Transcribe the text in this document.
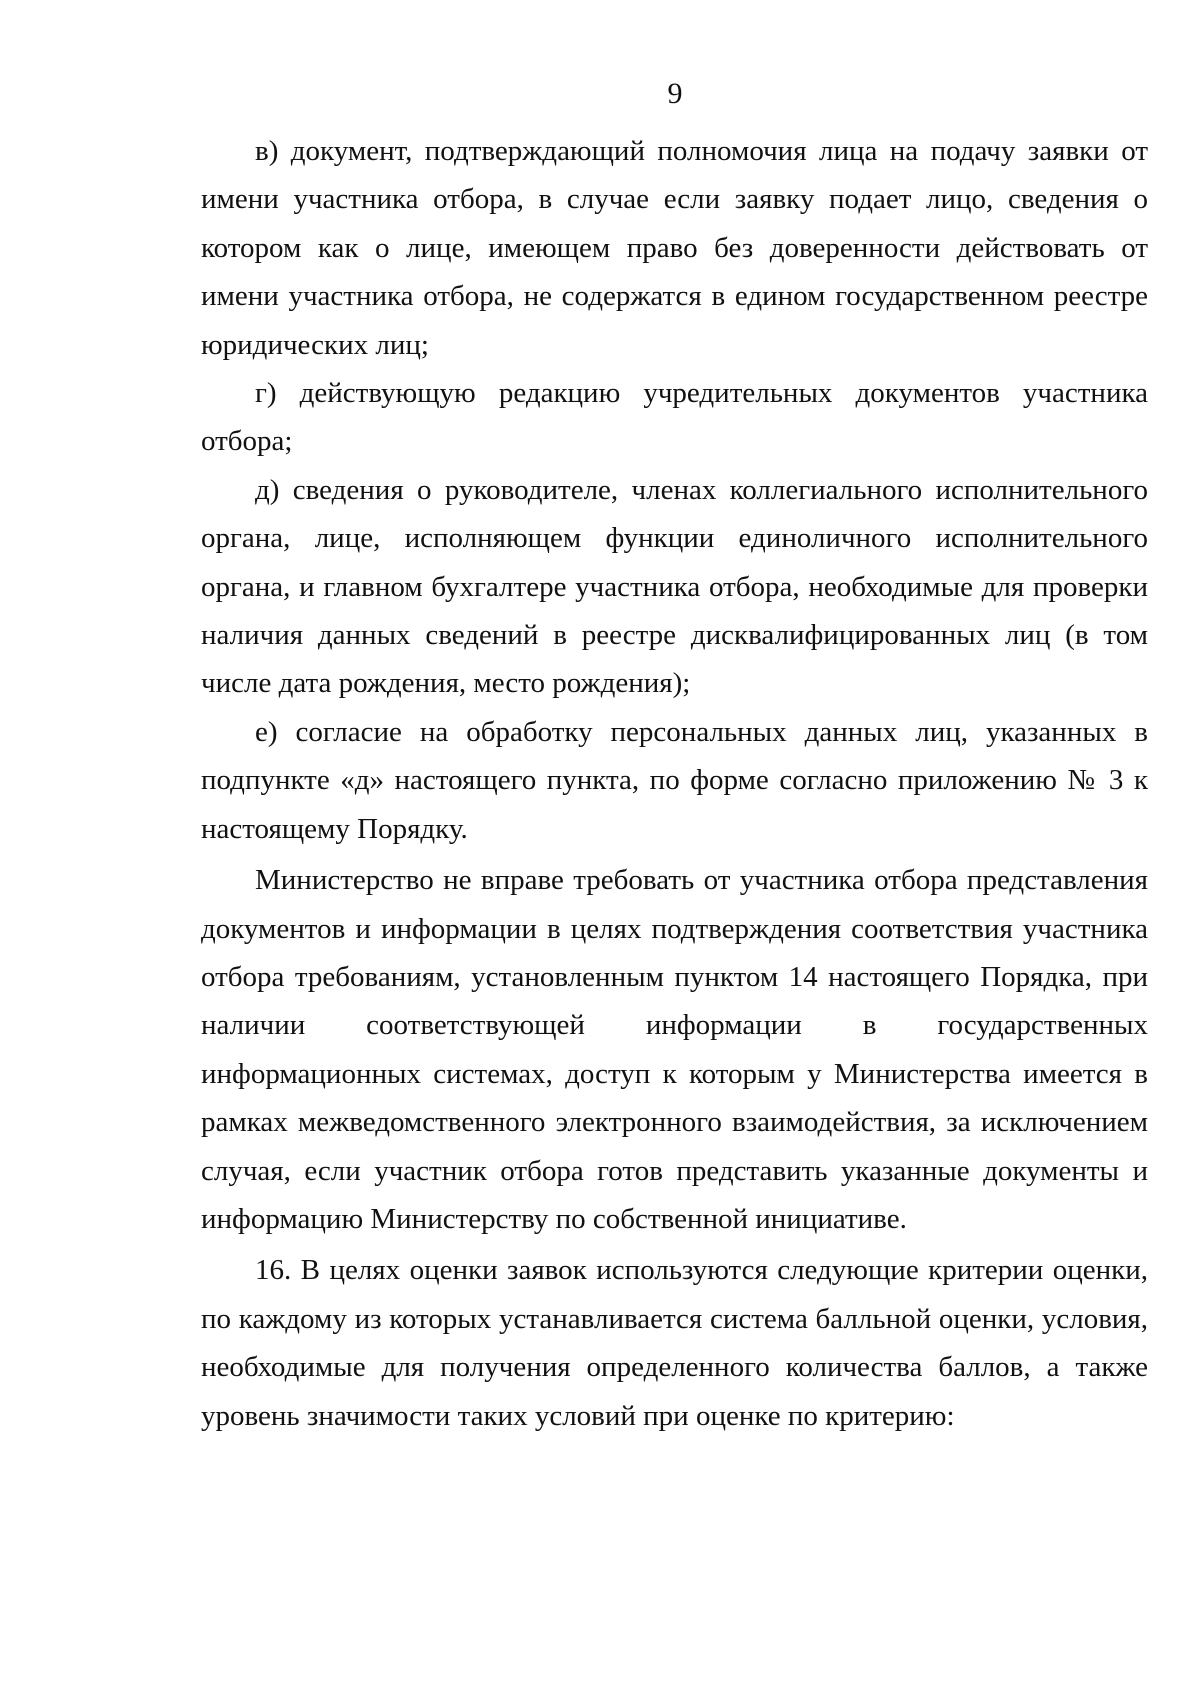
9

в) документ, подтверждающий полномочия лица на подачу заявки от имени участника отбора, в случае если заявку подает лицо, сведения о котором как о лице, имеющем право без доверенности действовать от имени участника отбора, не содержатся в едином государственном реестре юридических лиц;

г) действующую редакцию учредительных документов участника отбора;

д) сведения о руководителе, членах коллегиального исполнительного органа, лице, исполняющем функции единоличного исполнительного органа, и главном бухгалтере участника отбора, необходимые для проверки наличия данных сведений в реестре дисквалифицированных лиц (в том числе дата рождения, место рождения);

е) согласие на обработку персональных данных лиц, указанных в подпункте «д» настоящего пункта, по форме согласно приложению № 3 к настоящему Порядку.

Министерство не вправе требовать от участника отбора представления документов и информации в целях подтверждения соответствия участника отбора требованиям, установленным пунктом 14 настоящего Порядка, при наличии соответствующей информации в государственных информационных системах, доступ к которым у Министерства имеется в рамках межведомственного электронного взаимодействия, за исключением случая, если участник отбора готов представить указанные документы и информацию Министерству по собственной инициативе.

16. В целях оценки заявок используются следующие критерии оценки, по каждому из которых устанавливается система балльной оценки, условия, необходимые для получения определенного количества баллов, а также уровень значимости таких условий при оценке по критерию:
